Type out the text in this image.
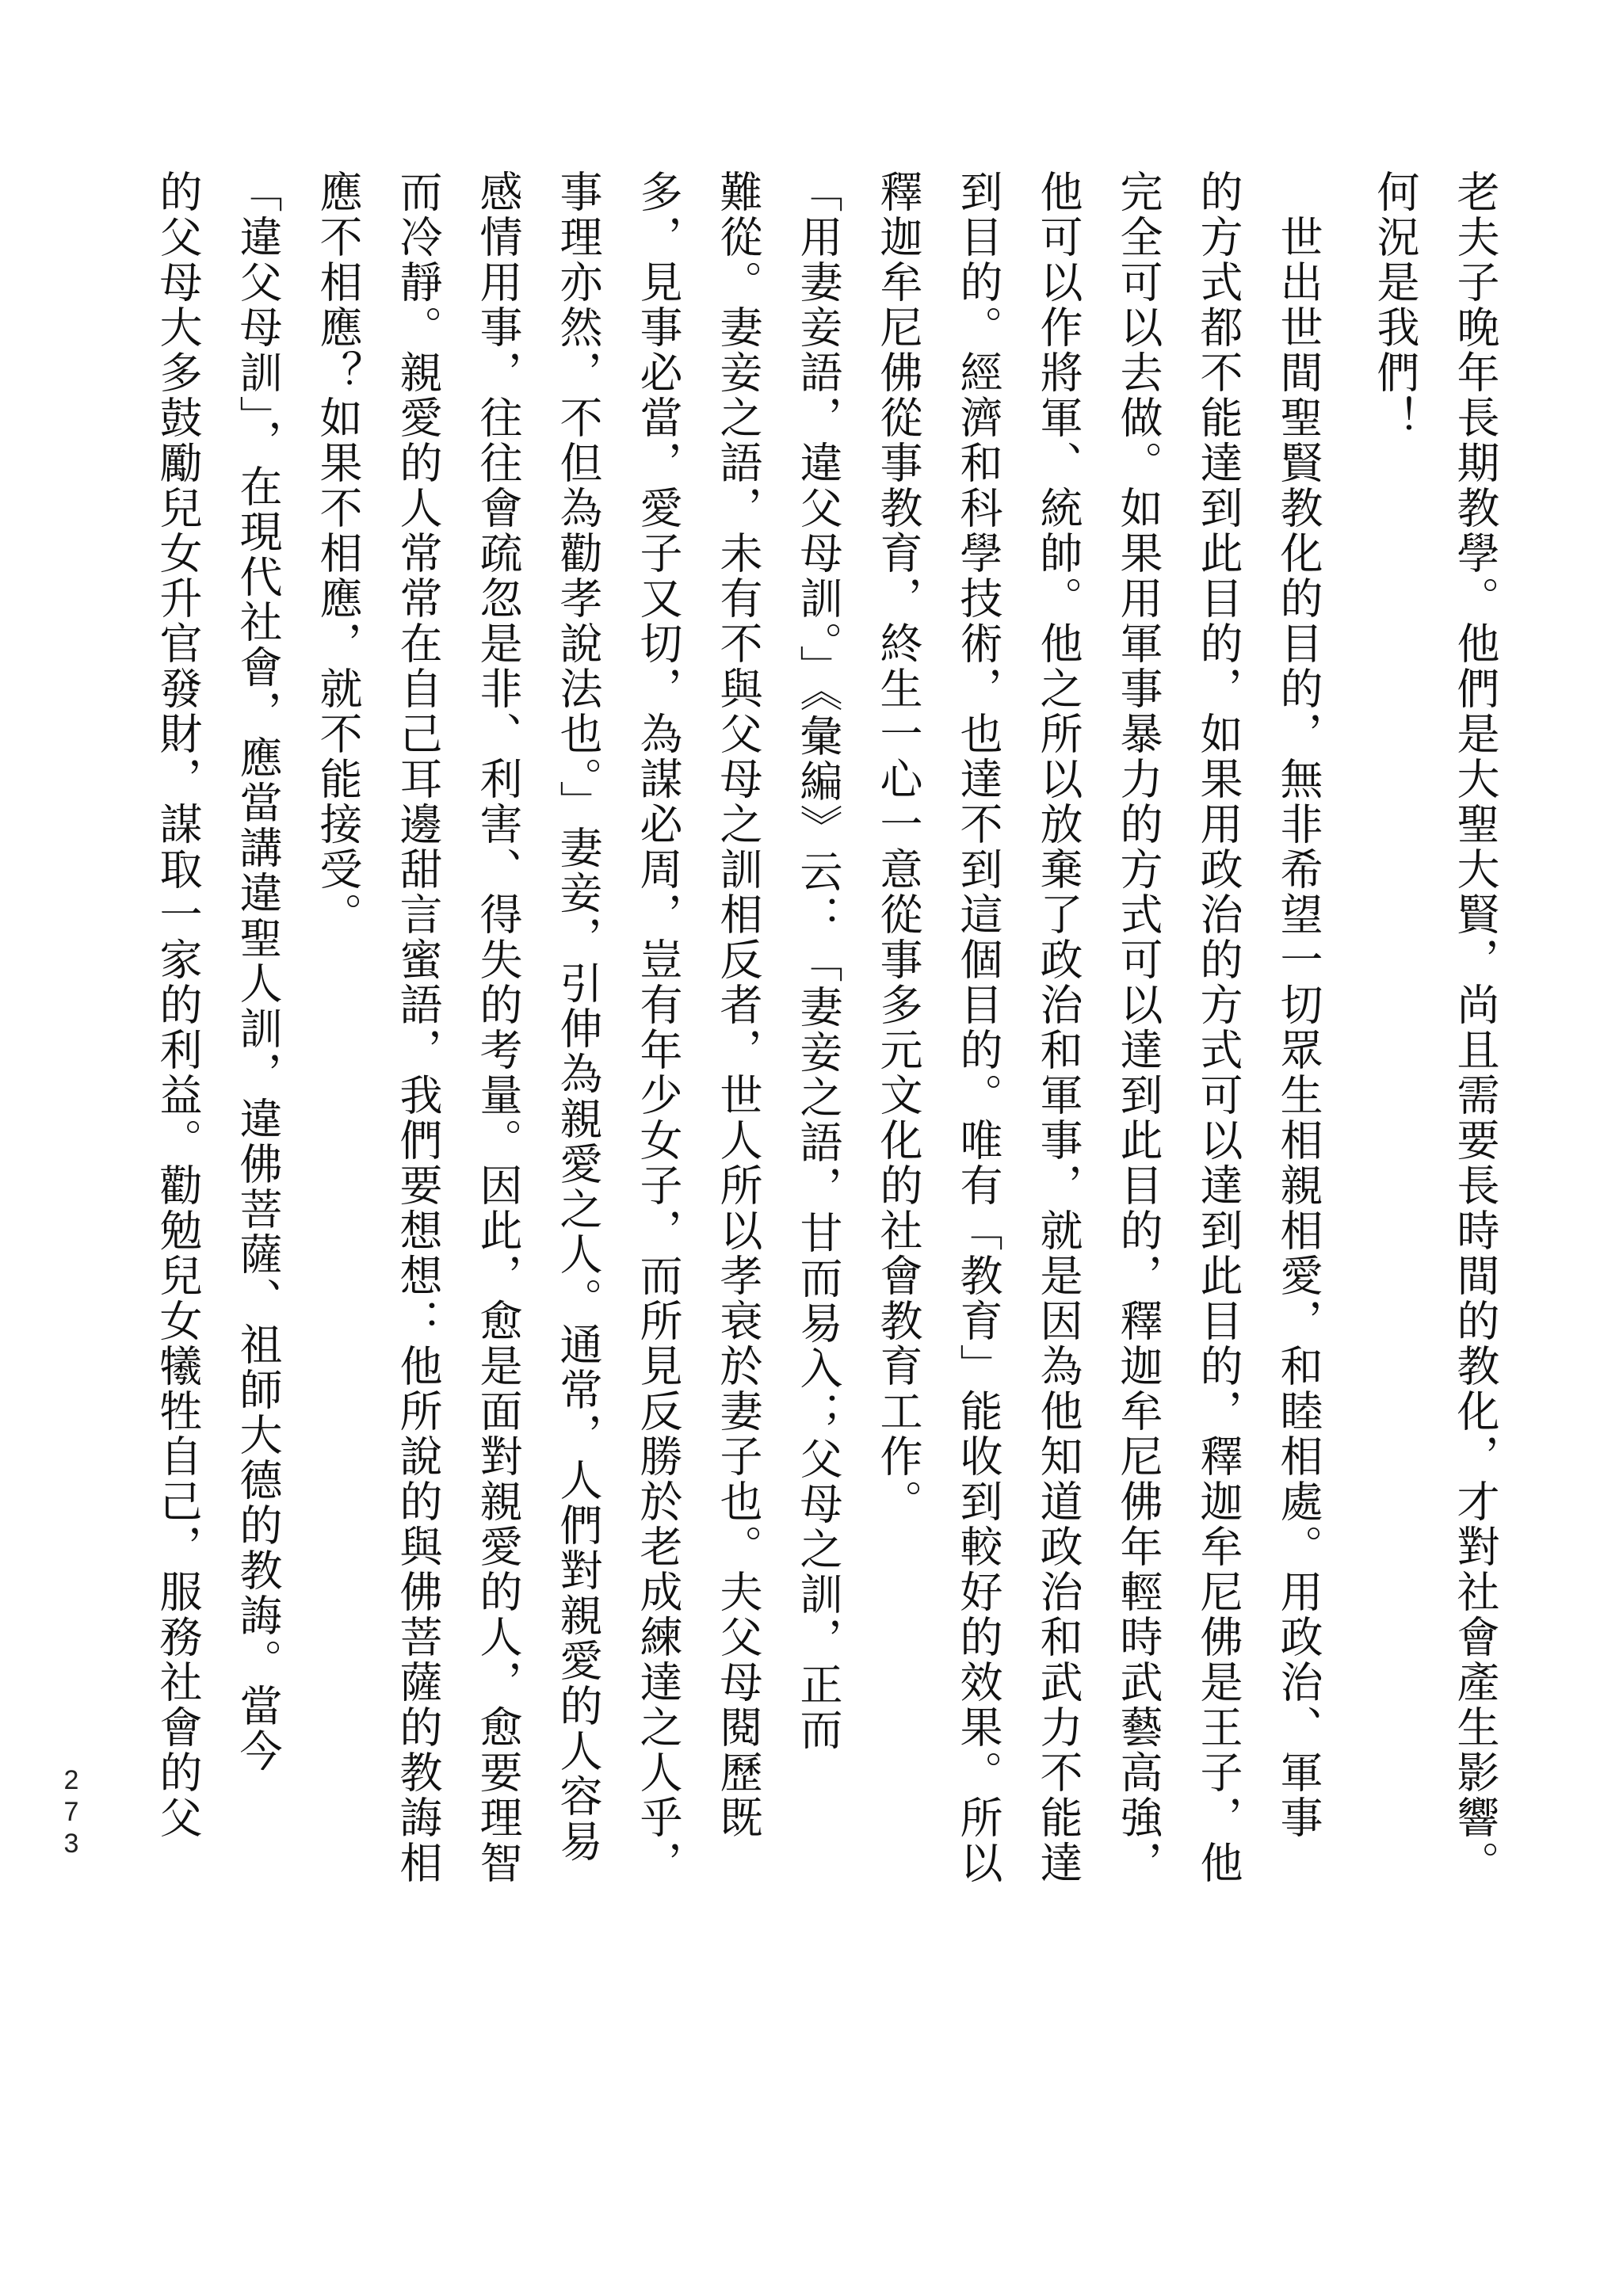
老夫子晚年長期教學。他們是大聖大賢，尚且需要長時間的教化，才對社會產生影響。
何況是我們！
　世出世間聖賢教化的目的，無非希望一切眾生相親相愛，和睦相處。用政治、軍事
的方式都不能達到此目的，如果用政治的方式可以達到此目的，釋迦牟尼佛是王子，他
完全可以去做。如果用軍事暴力的方式可以達到此目的，釋迦牟尼佛年輕時武藝高強，
他可以作將軍、統帥。他之所以放棄了政治和軍事，就是因為他知道政治和武力不能達
到目的。經濟和科學技術，也達不到這個目的。唯有「教育」能收到較好的效果。所以
釋迦牟尼佛從事教育，終生一心一意從事多元文化的社會教育工作。
「用妻妾語，違父母訓。」《彙編》云：「妻妾之語，甘而易入；父母之訓，正而
難從。妻妾之語，未有不與父母之訓相反者，世人所以孝衰於妻子也。夫父母閱歷既
多，見事必當，愛子又切，為謀必周，豈有年少女子，而所見反勝於老成練達之人乎，
事理亦然，不但為勸孝說法也。」妻妾，引伸為親愛之人。通常，人們對親愛的人容易
感情用事，往往會疏忽是非、利害、得失的考量。因此，愈是面對親愛的人，愈要理智
而冷靜。親愛的人常常在自己耳邊甜言蜜語，我們要想想：他所說的與佛菩薩的教誨相
應不相應？如果不相應，就不能接受。
「違父母訓」，在現代社會，應當講違聖人訓，違佛菩薩、祖師大德的教誨。當今
的父母大多鼓勵兒女升官發財，謀取一家的利益。勸勉兒女犧牲自己，服務社會的父
273
